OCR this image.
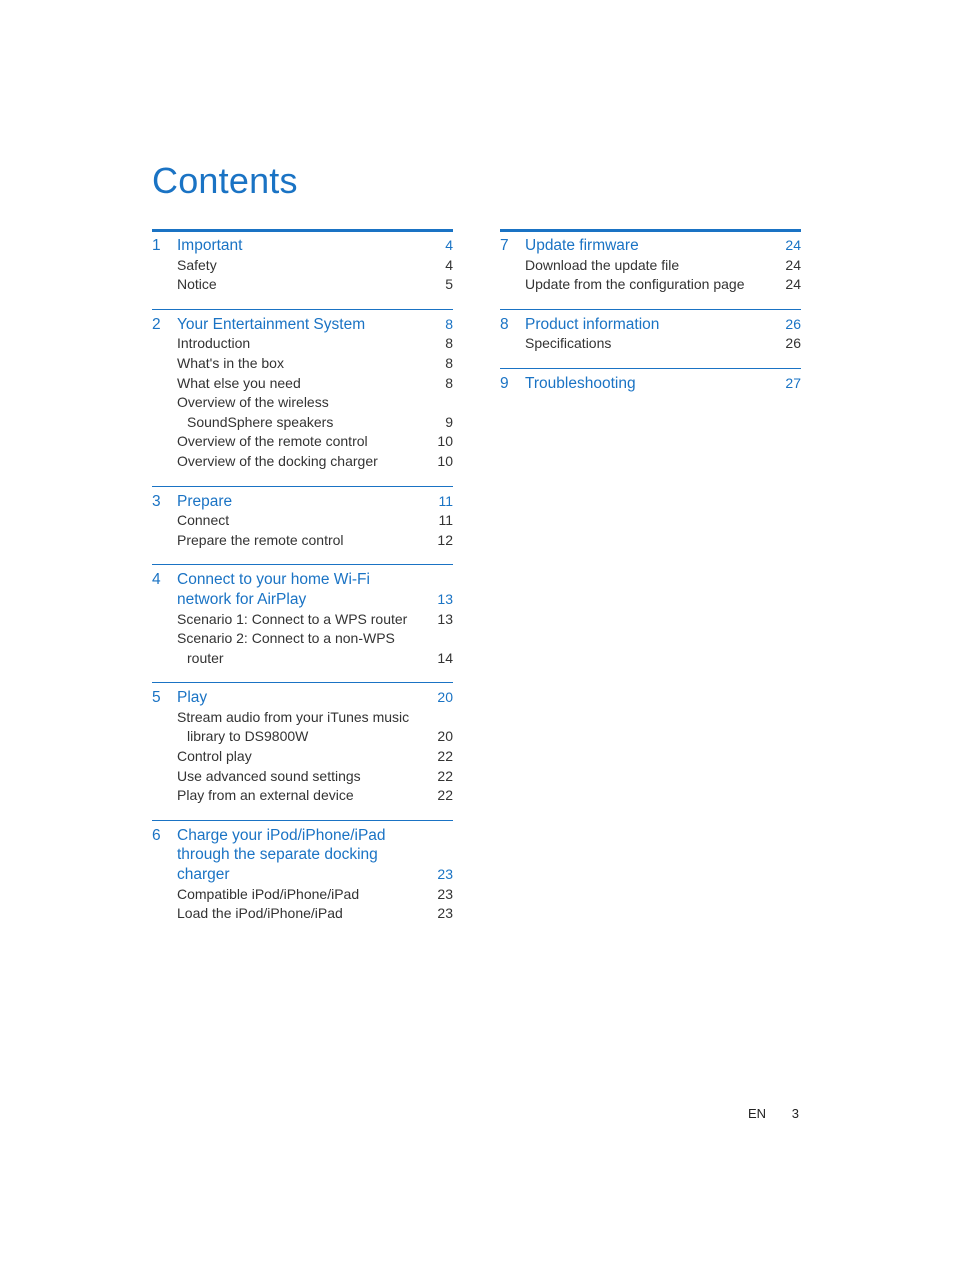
Contents
1	Important	4
Safety	4
Notice	5
2	Your Entertainment System	8
Introduction	8
What's in the box	8
What else you need	8
Overview of the wireless
SoundSphere speakers	9
Overview of the remote control	10
Overview of the docking charger	10
3	Prepare	11
Connect	11
Prepare the remote control	12
4	Connect to your home Wi-Fi
network for AirPlay	13
Scenario 1: Connect to a WPS router	13
Scenario 2: Connect to a non-WPS
router	14
5	Play	20
Stream audio from your iTunes music
library to DS9800W	20
Control play	22
Use advanced sound settings	22
Play from an external device	22
6	Charge your iPod/iPhone/iPad
through the separate docking
charger	23
Compatible iPod/iPhone/iPad	23
Load the iPod/iPhone/iPad	23
7	Update firmware	24
Download the update file	24
Update from the configuration page	24
8	Product information	26
Specifications	26
9	Troubleshooting	27
EN 3
